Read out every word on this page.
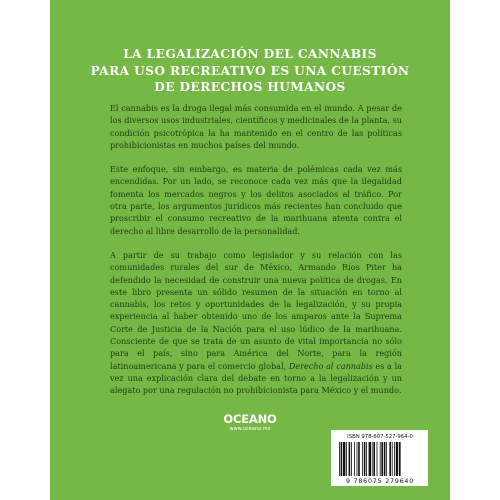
LA LEGALIZACIÓN DEL CANNABIS
PARA USO RECREATIVO ES UNA CUESTIÓN
DE DERECHOS HUMANOS

El cannabis es la droga ilegal más consumida en el mundo. A pesar de los diversos usos industriales, científicos y medicinales de la planta, su condición psicotrópica la ha mantenido en el centro de las políticas prohibicionistas en muchos países del mundo.

Este enfoque, sin embargo, es materia de polémicas cada vez más encendidas. Por un lado, se reconoce cada vez más que la ilegalidad fomenta los mercados negros y los delitos asociados al tráfico. Por otra parte, los argumentos jurídicos más recientes han concluido que proscribir el consumo recreativo de la marihuana atenta contra el derecho al libre desarrollo de la personalidad.

A partir de su trabajo como legislador y su relación con las comunidades rurales del sur de México, Armando Ríos Piter ha defendido la necesidad de construir una nueva política de drogas. En este libro presenta un sólido resumen de la situación en torno al cannabis, los retos y oportunidades de la legalización, y su propia experiencia al haber obtenido uno de los amparos ante la Suprema Corte de Justicia de la Nación para el uso lúdico de la marihuana. Consciente de que se trata de un asunto de vital importancia no sólo para el país, sino para América del Norte, para la región latinoamericana y para el comercio global, Derecho al cannabis es a la vez una explicación clara del debate en torno a la legalización y un alegato por una regulación no prohibicionista para México y el mundo.

OCEANO
www.oceano.mx
ISBN 978-607-527-964-0
9 786075 279640
